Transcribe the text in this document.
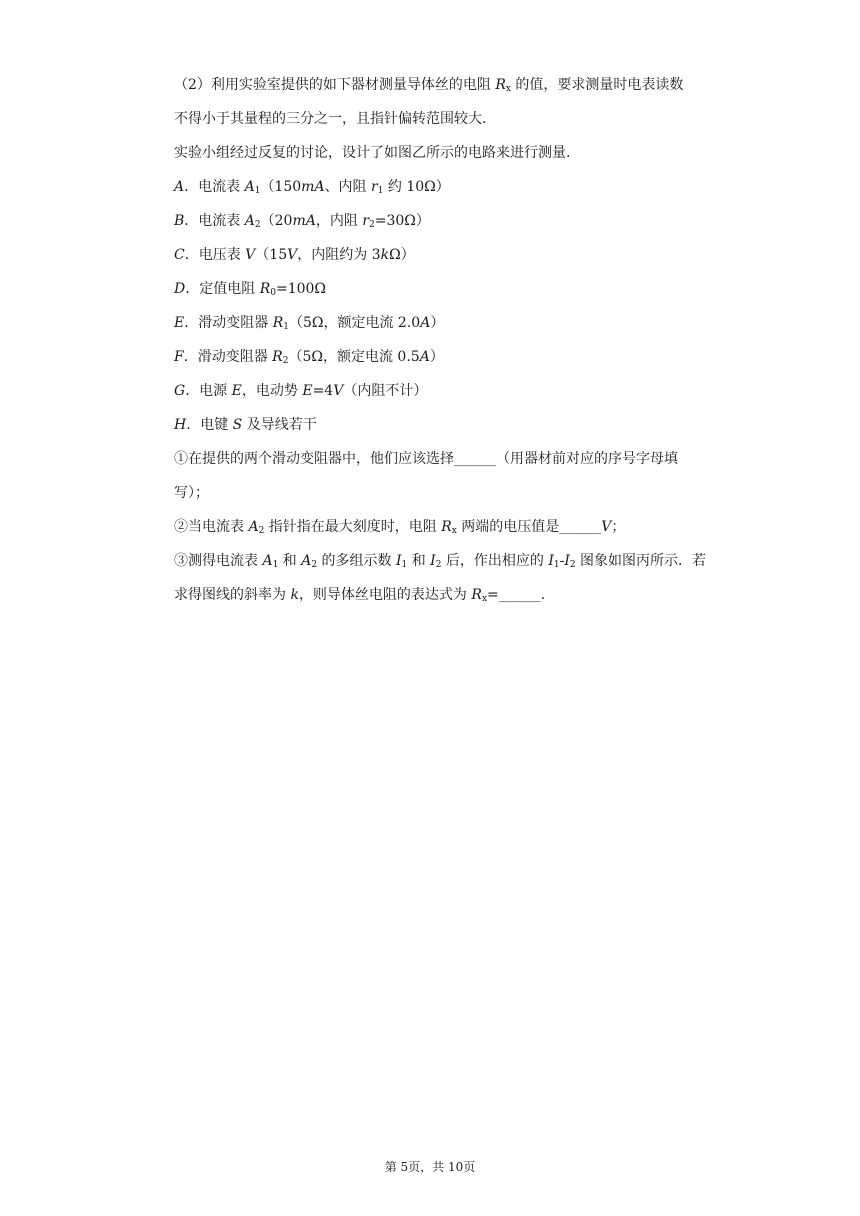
（2）利用实验室提供的如下器材测量导体丝的电阻 $R_x$ 的值，要求测量时电表读数
不得小于其量程的三分之一，且指针偏转范围较大.
实验小组经过反复的讨论，设计了如图乙所示的电路来进行测量.
A．电流表 $A_1(150mA$、内阻 $r_1$ 约 10Ω）
B．电流表 $A_2(20mA$，内阻 $r_2=30\Omega$）
C．电压表 V（15V，内阻约为 3kΩ）
D．定值电阻 $R_0=100\Omega$
E．滑动变阻器 $R_1(5\Omega$，额定电流 2.0A）
F．滑动变阻器 $R_2(5\Omega$，额定电流 0.5A）
G．电源 E，电动势 E=4V（内阻不计）
H．电键 S 及导线若干
①在提供的两个滑动变阻器中，他们应该选择______（用器材前对应的序号字母填
写）；
②当电流表 $A_2$ 指针指在最大刻度时，电阻 $R_x$ 两端的电压值是______V；
③测得电流表 $A_1$ 和 $A_2$ 的多组示数 $I_1$ 和 $I_2$ 后，作出相应的 $I_1-I_2$ 图象如图丙所示．若
求得图线的斜率为 k，则导体丝电阻的表达式为 $R_x=\_\_\_\_\_\_$.
第 5页，共 10页
